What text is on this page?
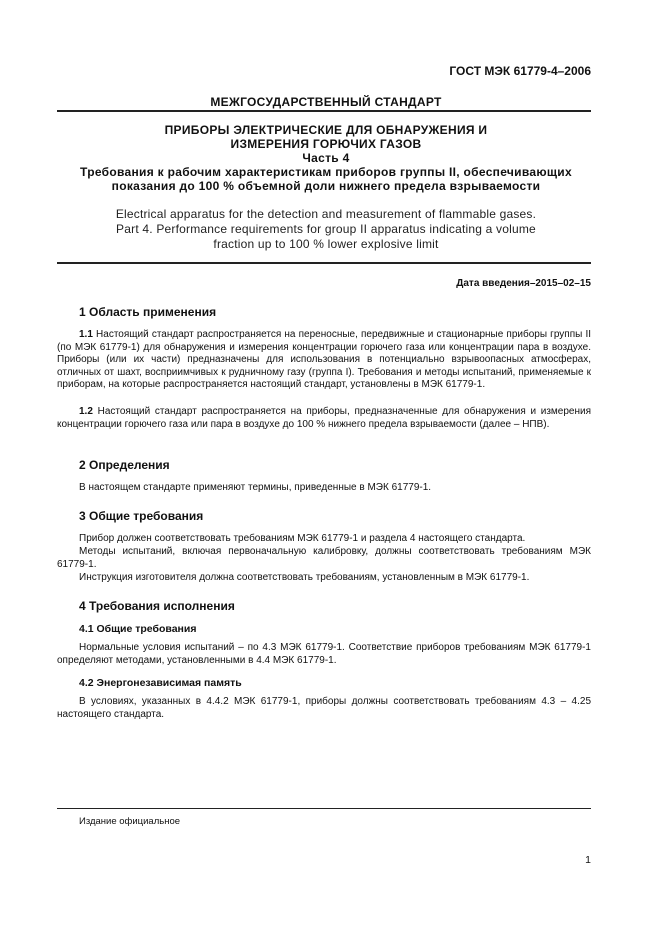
ГОСТ МЭК 61779-4–2006
МЕЖГОСУДАРСТВЕННЫЙ СТАНДАРТ
ПРИБОРЫ ЭЛЕКТРИЧЕСКИЕ ДЛЯ ОБНАРУЖЕНИЯ И
ИЗМЕРЕНИЯ ГОРЮЧИХ ГАЗОВ
Часть 4
Требования к рабочим характеристикам приборов группы II, обеспечивающих
показания до 100 % объемной доли нижнего предела взрываемости
Electrical apparatus for the detection and measurement of flammable gases.
Part 4. Performance requirements for group II apparatus indicating a volume
fraction up to 100 % lower explosive limit
Дата введения–2015–02–15
1 Область применения
1.1 Настоящий стандарт распространяется на переносные, передвижные и стационарные приборы группы II (по МЭК 61779-1) для обнаружения и измерения концентрации горючего газа или концентрации пара в воздухе. Приборы (или их части) предназначены для использования в потенциально взрывоопасных атмосферах, отличных от шахт, восприимчивых к рудничному газу (группа I). Требования и методы испытаний, применяемые к приборам, на которые распространяется настоящий стандарт, установлены в МЭК 61779-1.
1.2 Настоящий стандарт распространяется на приборы, предназначенные для обнаружения и измерения концентрации горючего газа или пара в воздухе до 100 % нижнего предела взрываемости (далее – НПВ).
2 Определения
В настоящем стандарте применяют термины, приведенные в МЭК 61779-1.
3 Общие требования
Прибор должен соответствовать требованиям МЭК 61779-1 и раздела 4 настоящего стандарта.
Методы испытаний, включая первоначальную калибровку, должны соответствовать требованиям МЭК 61779-1.
Инструкция изготовителя должна соответствовать требованиям, установленным в МЭК 61779-1.
4 Требования исполнения
4.1 Общие требования
Нормальные условия испытаний – по 4.3 МЭК 61779-1. Соответствие приборов требованиям МЭК 61779-1 определяют методами, установленными в 4.4 МЭК 61779-1.
4.2 Энергонезависимая память
В условиях, указанных в 4.4.2 МЭК 61779-1, приборы должны соответствовать требованиям 4.3 – 4.25 настоящего стандарта.
Издание официальное
1
